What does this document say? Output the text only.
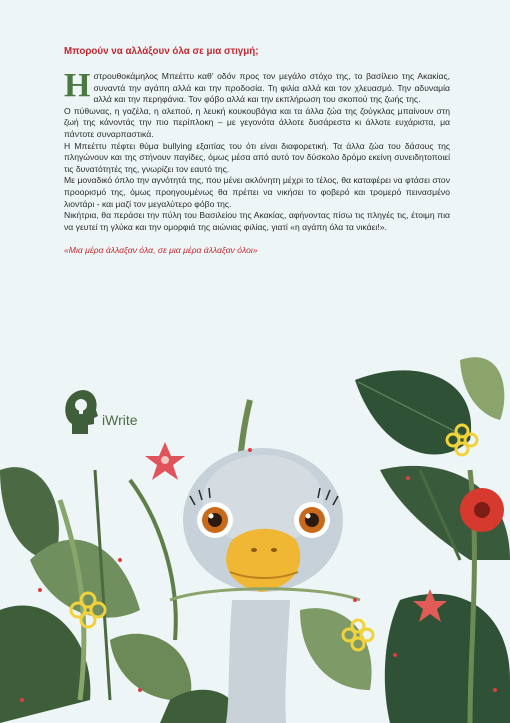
Μπορούν να αλλάξουν όλα σε μια στιγμή;

Ηστρουθοκάμηλος Μπεέττυ καθ’ οδόν προς τον μεγάλο στόχο της, το βασίλειο της Ακακίας, συναντά την αγάπη αλλά και την προδοσία. Τη φιλία αλλά και τον χλευασμό. Την αδυναμία αλλά και την περηφάνια. Τον φόβο αλλά και την εκπλήρωση του σκοπού της ζωής της.

Ο πύθωνας, η γαζέλα, η αλεπού, η λευκή κουκουβάγια και τα άλλα ζώα της ζούγκλας μπαίνουν στη ζωή της κάνοντάς την πιο περίπλοκη – με γεγονότα άλλοτε δυσάρεστα κι άλλοτε ευχάριστα, μα πάντοτε συναρπαστικά.

Η Μπεέττυ πέφτει θύμα bullying εξαιτίας του ότι είναι διαφορετική. Τα άλλα ζώα του δάσους της πληγώνουν και της στήνουν παγίδες, όμως μέσα από αυτό τον δύσκολο δρόμο εκείνη συνειδητοποιεί τις δυνατότητές της, γνωρίζει τον εαυτό της.

Με μοναδικό όπλο την αγνότητά της, που μένει ακλόνητη μέχρι το τέλος, θα καταφέρει να φτάσει στον προορισμό της, όμως προηγουμένως θα πρέπει να νικήσει το φοβερό και τρομερό πεινασμένο λιοντάρι - και μαζί τον μεγαλύτερο φόβο της.

Νικήτρια, θα περάσει την πύλη του Βασιλείου της Ακακίας, αφήνοντας πίσω τις πληγές τις, έτοιμη πια να γευτεί τη γλύκα και την ομορφιά της αιώνιας φιλίας, γιατί «η αγάπη όλα τα νικάει!».

«Μια μέρα άλλαξαν όλα, σε μια μέρα άλλαξαν όλοι»

iWrite
